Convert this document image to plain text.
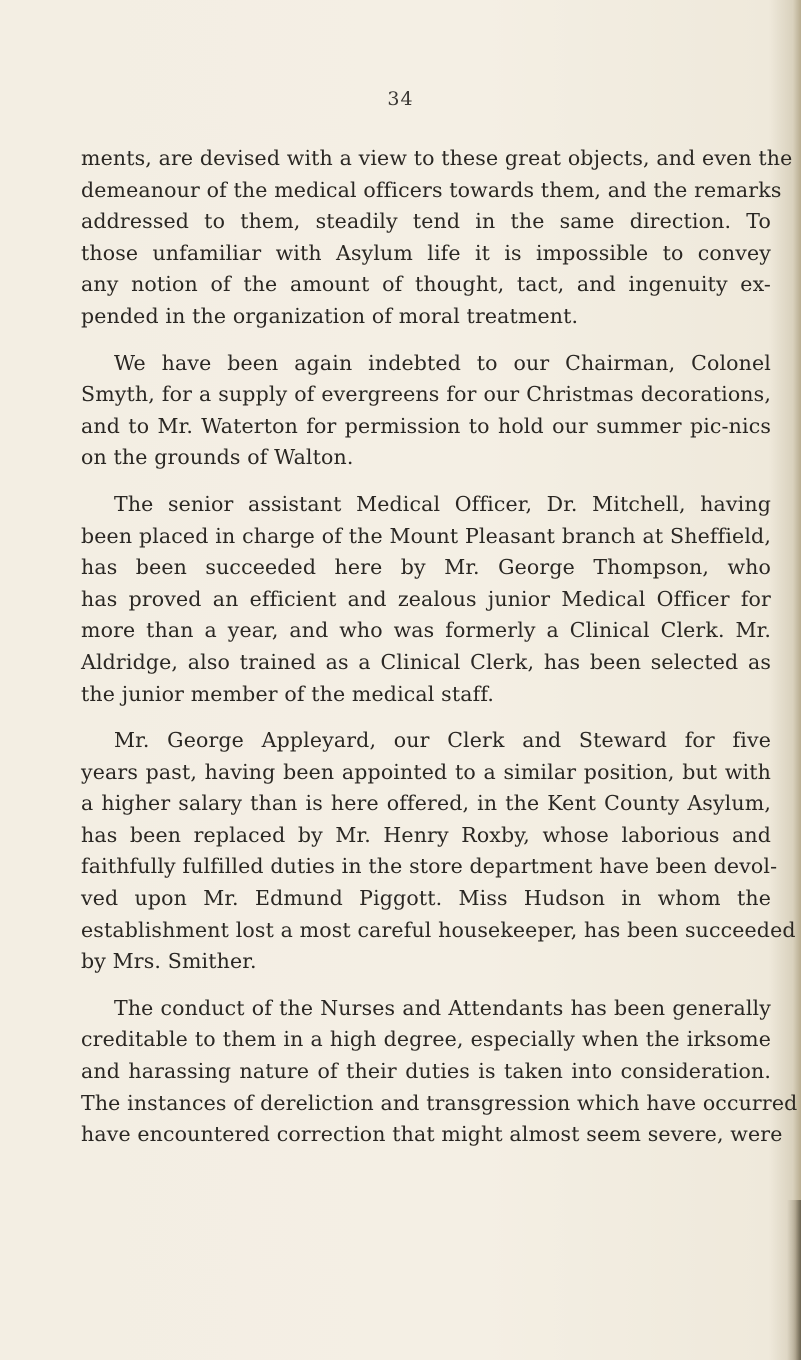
34
ments, are devised with a view to these great objects, and even the
demeanour of the medical officers towards them, and the remarks
addressed to them, steadily tend in the same direction. To
those unfamiliar with Asylum life it is impossible to convey
any notion of the amount of thought, tact, and ingenuity ex-
pended in the organization of moral treatment.
We have been again indebted to our Chairman, Colonel
Smyth, for a supply of evergreens for our Christmas decorations,
and to Mr. Waterton for permission to hold our summer pic-nics
on the grounds of Walton.
The senior assistant Medical Officer, Dr. Mitchell, having
been placed in charge of the Mount Pleasant branch at Sheffield,
has been succeeded here by Mr. George Thompson, who
has proved an efficient and zealous junior Medical Officer for
more than a year, and who was formerly a Clinical Clerk. Mr.
Aldridge, also trained as a Clinical Clerk, has been selected as
the junior member of the medical staff.
Mr. George Appleyard, our Clerk and Steward for five
years past, having been appointed to a similar position, but with
a higher salary than is here offered, in the Kent County Asylum,
has been replaced by Mr. Henry Roxby, whose laborious and
faithfully fulfilled duties in the store department have been devol-
ved upon Mr. Edmund Piggott. Miss Hudson in whom the
establishment lost a most careful housekeeper, has been succeeded
by Mrs. Smither.
The conduct of the Nurses and Attendants has been generally
creditable to them in a high degree, especially when the irksome
and harassing nature of their duties is taken into consideration.
The instances of dereliction and transgression which have occurred
have encountered correction that might almost seem severe, were
